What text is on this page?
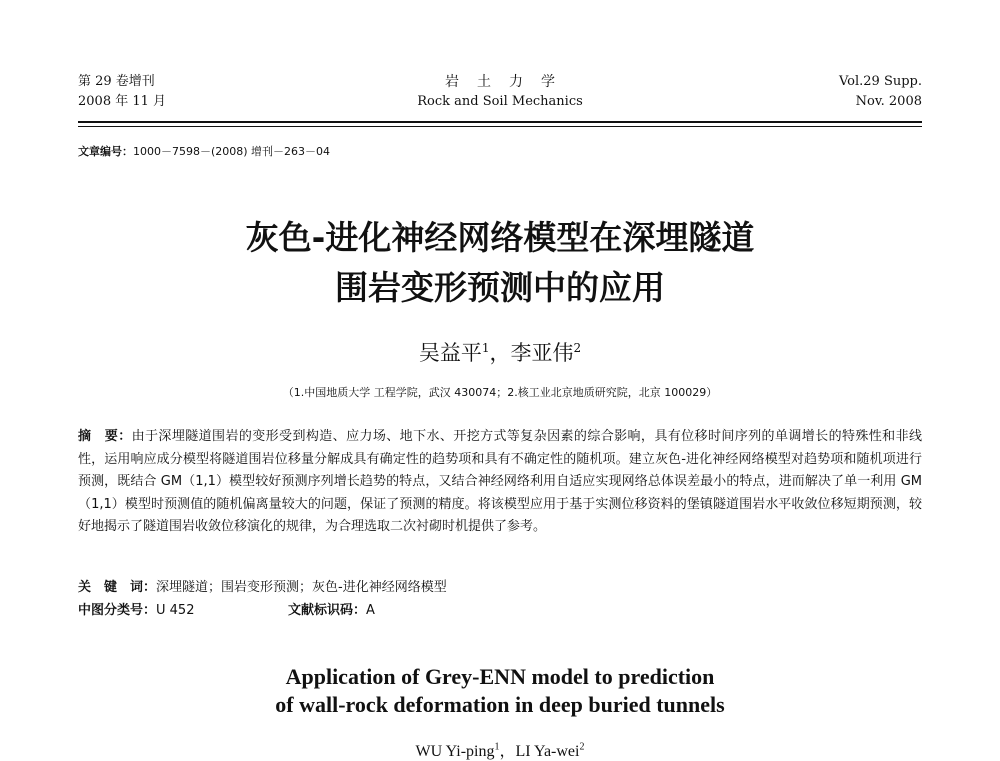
第 29 卷增刊
2008 年 11 月
岩土力学
Rock and Soil Mechanics
Vol.29 Supp.
Nov. 2008
文章编号：1000－7598－(2008) 增刊－263－04
灰色-进化神经网络模型在深埋隧道
围岩变形预测中的应用
吴益平$^1$，李亚伟$^2$
（1.中国地质大学 工程学院，武汉 430074；2.核工业北京地质研究院，北京 100029）
摘　要：由于深埋隧道围岩的变形受到构造、应力场、地下水、开挖方式等复杂因素的综合影响，具有位移时间序列的单调增长的特殊性和非线性，运用响应成分模型将隧道围岩位移量分解成具有确定性的趋势项和具有不确定性的随机项。建立灰色-进化神经网络模型对趋势项和随机项进行预测，既结合 GM（1,1）模型较好预测序列增长趋势的特点，又结合神经网络利用自适应实现网络总体误差最小的特点，进而解决了单一利用 GM（1,1）模型时预测值的随机偏离量较大的问题，保证了预测的精度。将该模型应用于基于实测位移资料的堡镇隧道围岩水平收敛位移短期预测，较好地揭示了隧道围岩收敛位移演化的规律，为合理选取二次衬砌时机提供了参考。
关　键　词：深埋隧道；围岩变形预测；灰色-进化神经网络模型
中图分类号：U 452	文献标识码：A
Application of Grey-ENN model to prediction
of wall-rock deformation in deep buried tunnels
WU Yi-ping$^1$，LI Ya-wei$^2$
